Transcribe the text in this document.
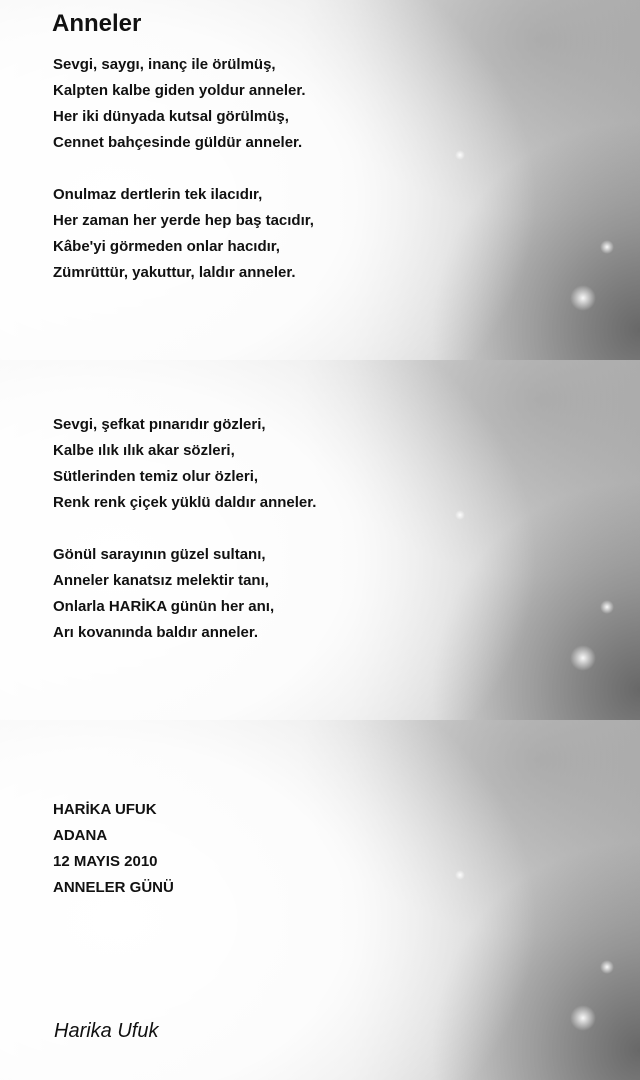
Anneler
Sevgi, saygı, inanç ile örülmüş,
Kalpten kalbe giden yoldur anneler.
Her iki dünyada kutsal görülmüş,
Cennet bahçesinde güldür anneler.
Onulmaz dertlerin tek ilacıdır,
Her zaman her yerde hep baş tacıdır,
Kâbe'yi görmeden onlar hacıdır,
Zümrüttür, yakuttur, laldır anneler.
Sevgi, şefkat pınarıdır gözleri,
Kalbe ılık ılık akar sözleri,
Sütlerinden temiz olur özleri,
Renk renk çiçek yüklü daldır anneler.
Gönül sarayının güzel sultanı,
Anneler kanatsız melektir tanı,
Onlarla HARİKA günün her anı,
Arı kovanında baldır anneler.
HARİKA UFUK
ADANA
12 MAYIS 2010
ANNELER GÜNÜ
Harika Ufuk
